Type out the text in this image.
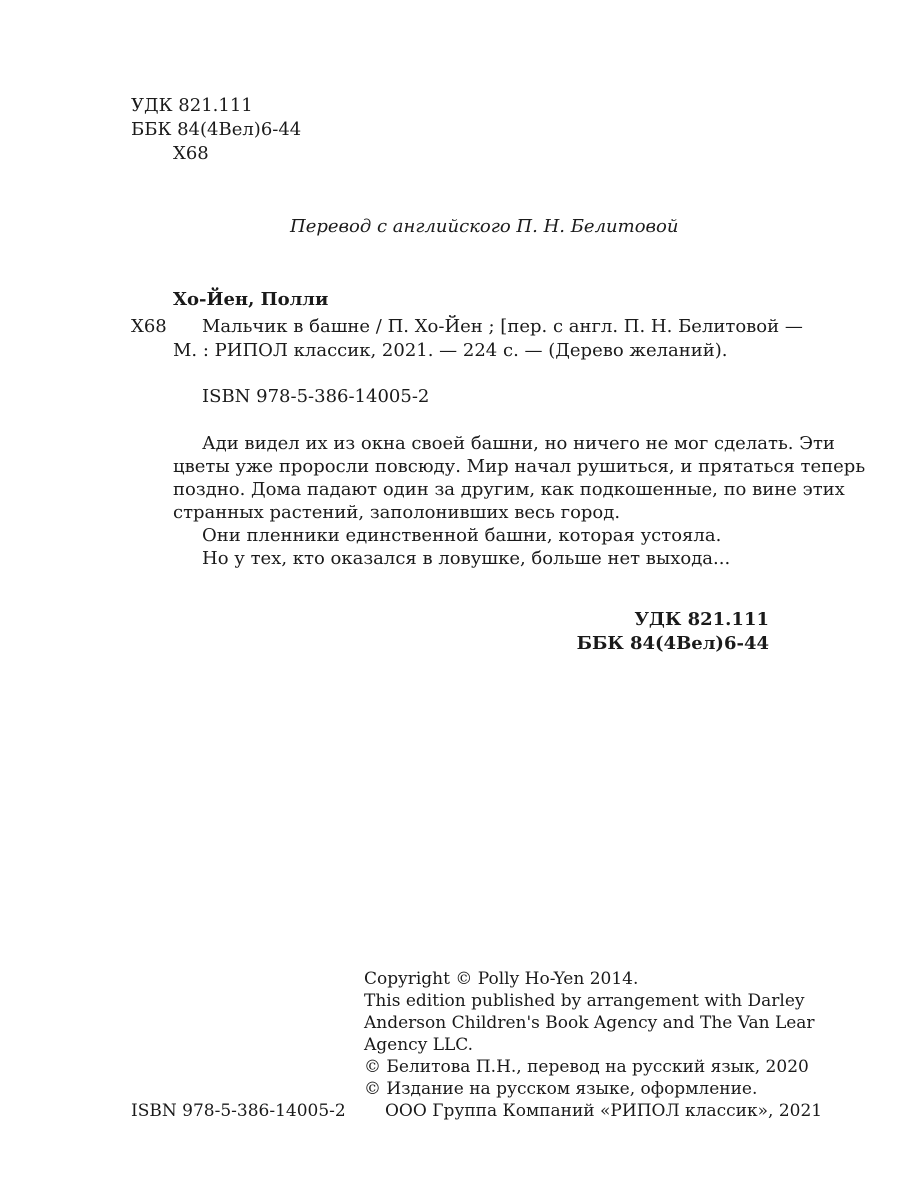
УДК 821.111
ББК 84(4Вел)6-44
Х68
Перевод с английского П. Н. Белитовой
Хо-Йен, Полли
Х68 Мальчик в башне / П. Хо-Йен ; [пер. с англ. П. Н. Белитовой —
М. : РИПОЛ классик, 2021. — 224 с. — (Дерево желаний).
ISBN 978-5-386-14005-2
Ади видел их из окна своей башни, но ничего не мог сделать. Эти
цветы уже проросли повсюду. Мир начал рушиться, и прятаться теперь
поздно. Дома падают один за другим, как подкошенные, по вине этих
странных растений, заполонивших весь город.
Они пленники единственной башни, которая устояла.
Но у тех, кто оказался в ловушке, больше нет выхода...
УДК 821.111
ББК 84(4Вел)6-44
Copyright © Polly Ho-Yen 2014.
This edition published by arrangement with Darley
Anderson Children's Book Agency and The Van Lear
Agency LLC.
© Белитова П.Н., перевод на русский язык, 2020
© Издание на русском языке, оформление.
ООО Группа Компаний «РИПОЛ классик», 2021
ISBN 978-5-386-14005-2
